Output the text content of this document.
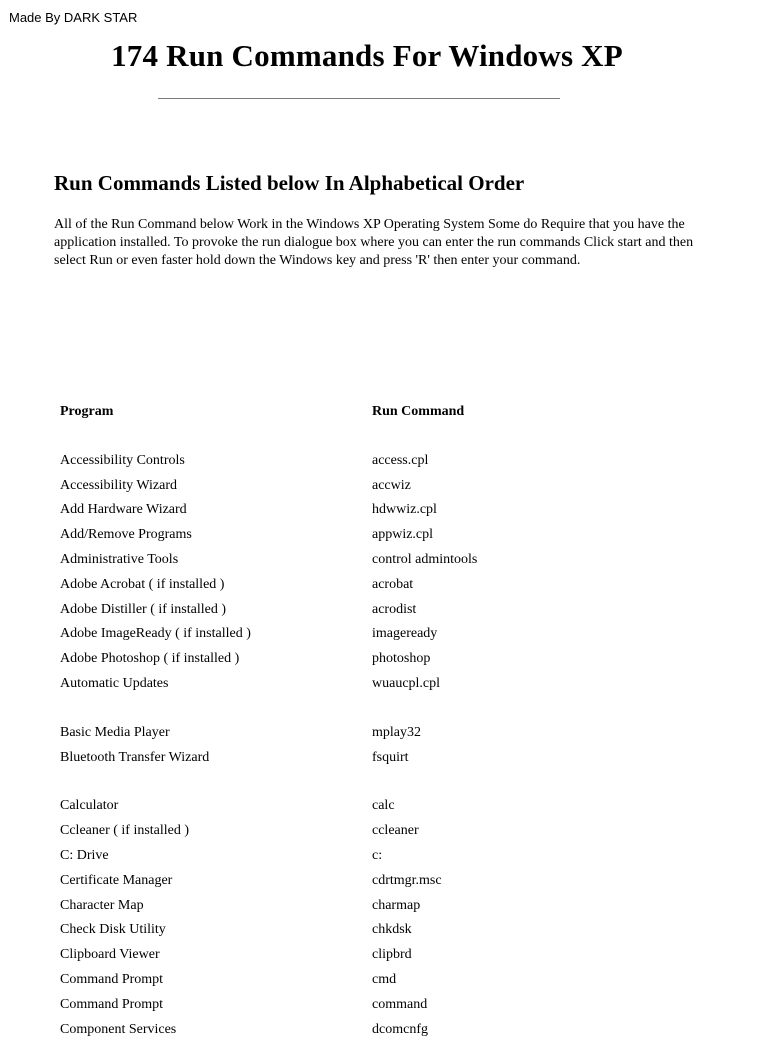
Made By DARK STAR
174 Run Commands For Windows XP
Run Commands Listed below In Alphabetical Order

All of the Run Command below Work in the Windows XP Operating System Some do Require that you have the application installed. To provoke the run dialogue box where you can enter the run commands Click start and then select Run or even faster hold down the Windows key and press 'R' then enter your command.

Program	Run Command
Accessibility Controls	access.cpl
Accessibility Wizard	accwiz
Add Hardware Wizard	hdwwiz.cpl
Add/Remove Programs	appwiz.cpl
Administrative Tools	control admintools
Adobe Acrobat ( if installed )	acrobat
Adobe Distiller ( if installed )	acrodist
Adobe ImageReady ( if installed )	imageready
Adobe Photoshop ( if installed )	photoshop
Automatic Updates	wuaucpl.cpl
Basic Media Player	mplay32
Bluetooth Transfer Wizard	fsquirt
Calculator	calc
Ccleaner ( if installed )	ccleaner
C: Drive	c:
Certificate Manager	cdrtmgr.msc
Character Map	charmap
Check Disk Utility	chkdsk
Clipboard Viewer	clipbrd
Command Prompt	cmd
Command Prompt	command
Component Services	dcomcnfg
